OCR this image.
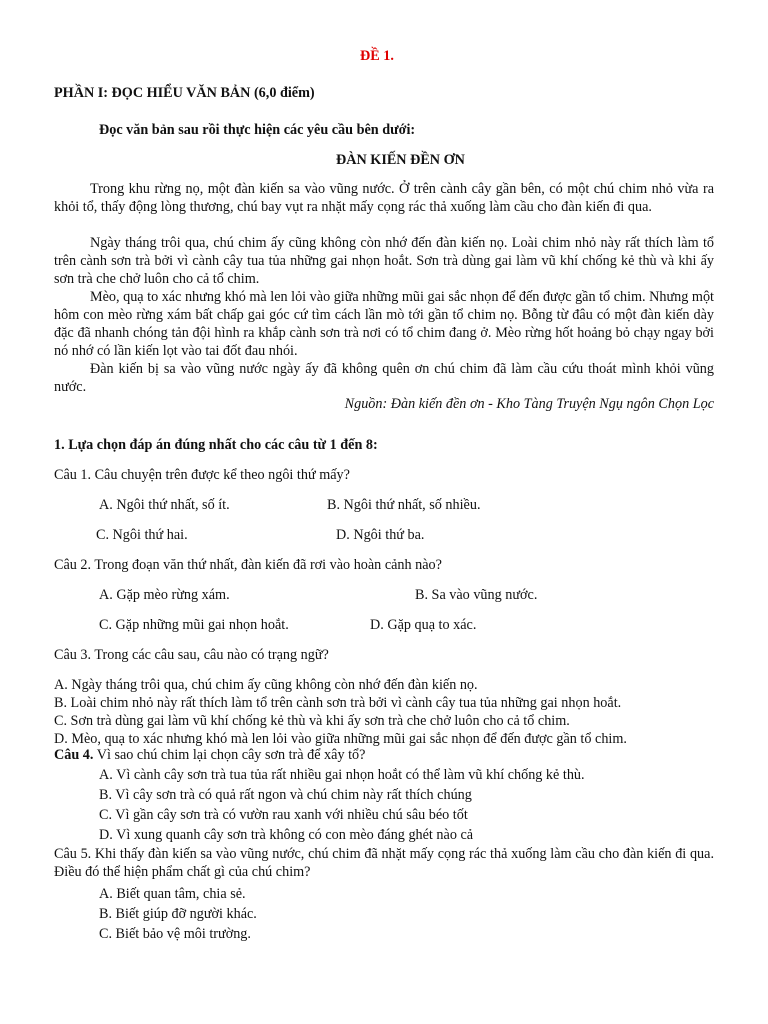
ĐỀ 1.
PHẦN I: ĐỌC HIỂU VĂN BẢN (6,0 điểm)
Đọc văn bản sau rồi thực hiện các yêu cầu bên dưới:
ĐÀN KIẾN ĐỀN ƠN
Trong khu rừng nọ, một đàn kiến sa vào vũng nước. Ở trên cành cây gần bên, có một chú chim nhỏ vừa ra khỏi tổ, thấy động lòng thương, chú bay vụt ra nhặt mấy cọng rác thả xuống làm cầu cho đàn kiến đi qua.
Ngày tháng trôi qua, chú chim ấy cũng không còn nhớ đến đàn kiến nọ. Loài chim nhỏ này rất thích làm tổ trên cành sơn trà bởi vì cành cây tua tủa những gai nhọn hoắt. Sơn trà dùng gai làm vũ khí chống kẻ thù và khi ấy sơn trà che chở luôn cho cả tổ chim.
Mèo, quạ to xác nhưng khó mà len lỏi vào giữa những mũi gai sắc nhọn để đến được gần tổ chim. Nhưng một hôm con mèo rừng xám bất chấp gai góc cứ tìm cách lần mò tới gần tổ chim nọ. Bỗng từ đâu có một đàn kiến dày đặc đã nhanh chóng tản đội hình ra khắp cành sơn trà nơi có tổ chim đang ở. Mèo rừng hốt hoảng bỏ chạy ngay bởi nó nhớ có lần kiến lọt vào tai đốt đau nhói.
Đàn kiến bị sa vào vũng nước ngày ấy đã không quên ơn chú chim đã làm cầu cứu thoát mình khỏi vũng nước.
Nguồn: Đàn kiến đền ơn - Kho Tàng Truyện Ngụ ngôn Chọn Lọc
1. Lựa chọn đáp án đúng nhất cho các câu từ 1 đến 8:
Câu 1. Câu chuyện trên được kể theo ngôi thứ mấy?
A. Ngôi thứ nhất, số ít.	B. Ngôi thứ nhất, số nhiều.
C. Ngôi thứ hai.	D. Ngôi thứ ba.
Câu 2. Trong đoạn văn thứ nhất, đàn kiến đã rơi vào hoàn cảnh nào?
A. Gặp mèo rừng xám.	B. Sa vào vũng nước.
C. Gặp những mũi gai nhọn hoắt.	D. Gặp quạ to xác.
Câu 3. Trong các câu sau, câu nào có trạng ngữ?
A. Ngày tháng trôi qua, chú chim ấy cũng không còn nhớ đến đàn kiến nọ.
B. Loài chim nhỏ này rất thích làm tổ trên cành sơn trà bởi vì cành cây tua tủa những gai nhọn hoắt.
C. Sơn trà dùng gai làm vũ khí chống kẻ thù và khi ấy sơn trà che chở luôn cho cả tổ chim.
D. Mèo, quạ to xác nhưng khó mà len lỏi vào giữa những mũi gai sắc nhọn để đến được gần tổ chim.
Câu 4. Vì sao chú chim lại chọn cây sơn trà để xây tổ?
A. Vì cành cây sơn trà tua tủa rất nhiều gai nhọn hoắt có thể làm vũ khí chống kẻ thù.
B. Vì cây sơn trà có quả rất ngon và chú chim này rất thích chúng
C. Vì gần cây sơn trà có vườn rau xanh với nhiều chú sâu béo tốt
D. Vì xung quanh cây sơn trà không có con mèo đáng ghét nào cả
Câu 5. Khi thấy đàn kiến sa vào vũng nước, chú chim đã nhặt mấy cọng rác thả xuống làm cầu cho đàn kiến đi qua. Điều đó thể hiện phẩm chất gì của chú chim?
A. Biết quan tâm, chia sẻ.
B. Biết giúp đỡ người khác.
C. Biết bảo vệ môi trường.
